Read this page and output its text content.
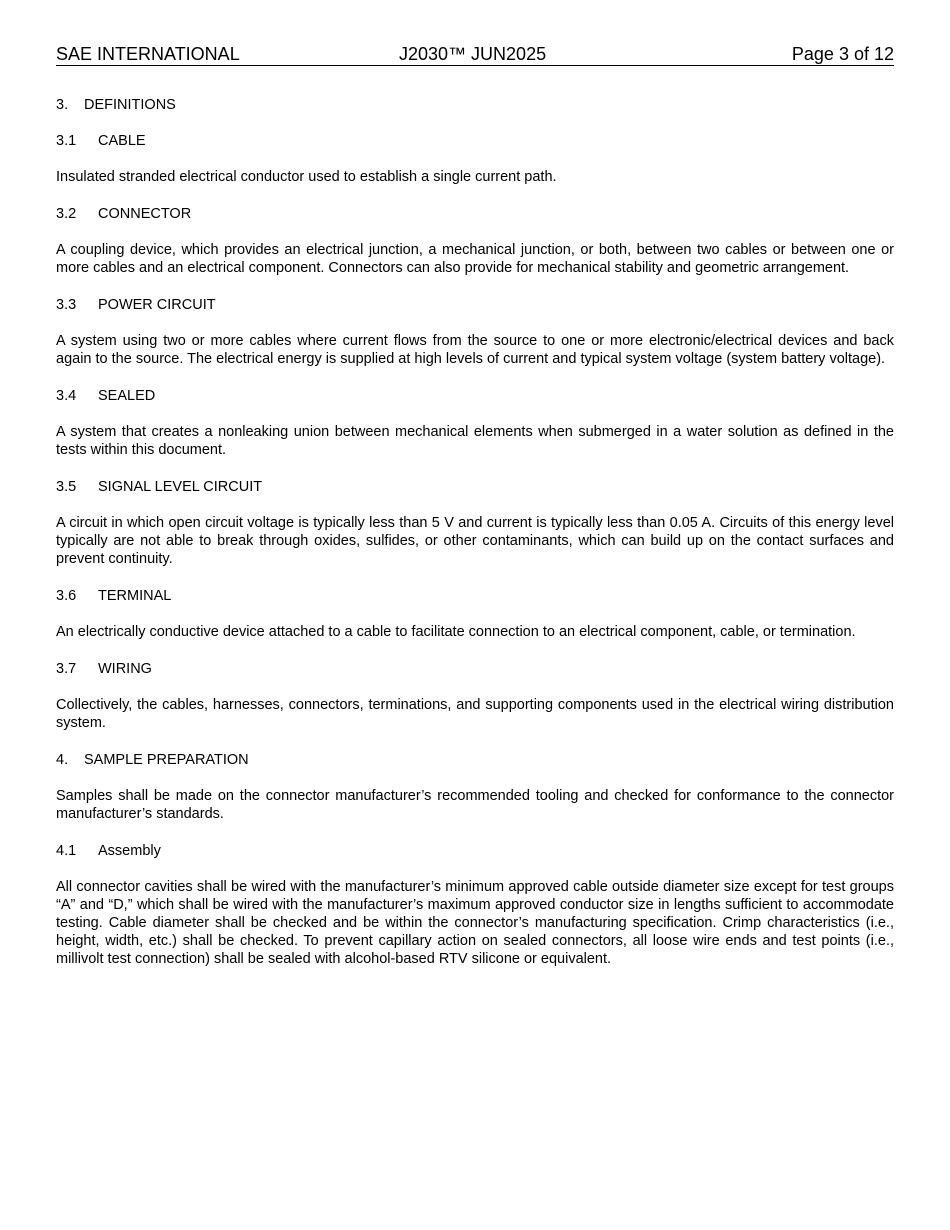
SAE INTERNATIONAL	J2030™ JUN2025	Page 3 of 12
3. DEFINITIONS
3.1 CABLE

Insulated stranded electrical conductor used to establish a single current path.

3.2 CONNECTOR

A coupling device, which provides an electrical junction, a mechanical junction, or both, between two cables or between one or more cables and an electrical component. Connectors can also provide for mechanical stability and geometric arrangement.

3.3 POWER CIRCUIT

A system using two or more cables where current flows from the source to one or more electronic/electrical devices and back again to the source. The electrical energy is supplied at high levels of current and typical system voltage (system battery voltage).

3.4 SEALED

A system that creates a nonleaking union between mechanical elements when submerged in a water solution as defined in the tests within this document.

3.5 SIGNAL LEVEL CIRCUIT

A circuit in which open circuit voltage is typically less than 5 V and current is typically less than 0.05 A. Circuits of this energy level typically are not able to break through oxides, sulfides, or other contaminants, which can build up on the contact surfaces and prevent continuity.

3.6 TERMINAL

An electrically conductive device attached to a cable to facilitate connection to an electrical component, cable, or termination.

3.7 WIRING

Collectively, the cables, harnesses, connectors, terminations, and supporting components used in the electrical wiring distribution system.

4. SAMPLE PREPARATION

Samples shall be made on the connector manufacturer’s recommended tooling and checked for conformance to the connector manufacturer’s standards.

4.1 Assembly

All connector cavities shall be wired with the manufacturer’s minimum approved cable outside diameter size except for test groups “A” and “D,” which shall be wired with the manufacturer’s maximum approved conductor size in lengths sufficient to accommodate testing. Cable diameter shall be checked and be within the connector’s manufacturing specification. Crimp characteristics (i.e., height, width, etc.) shall be checked. To prevent capillary action on sealed connectors, all loose wire ends and test points (i.e., millivolt test connection) shall be sealed with alcohol-based RTV silicone or equivalent.
